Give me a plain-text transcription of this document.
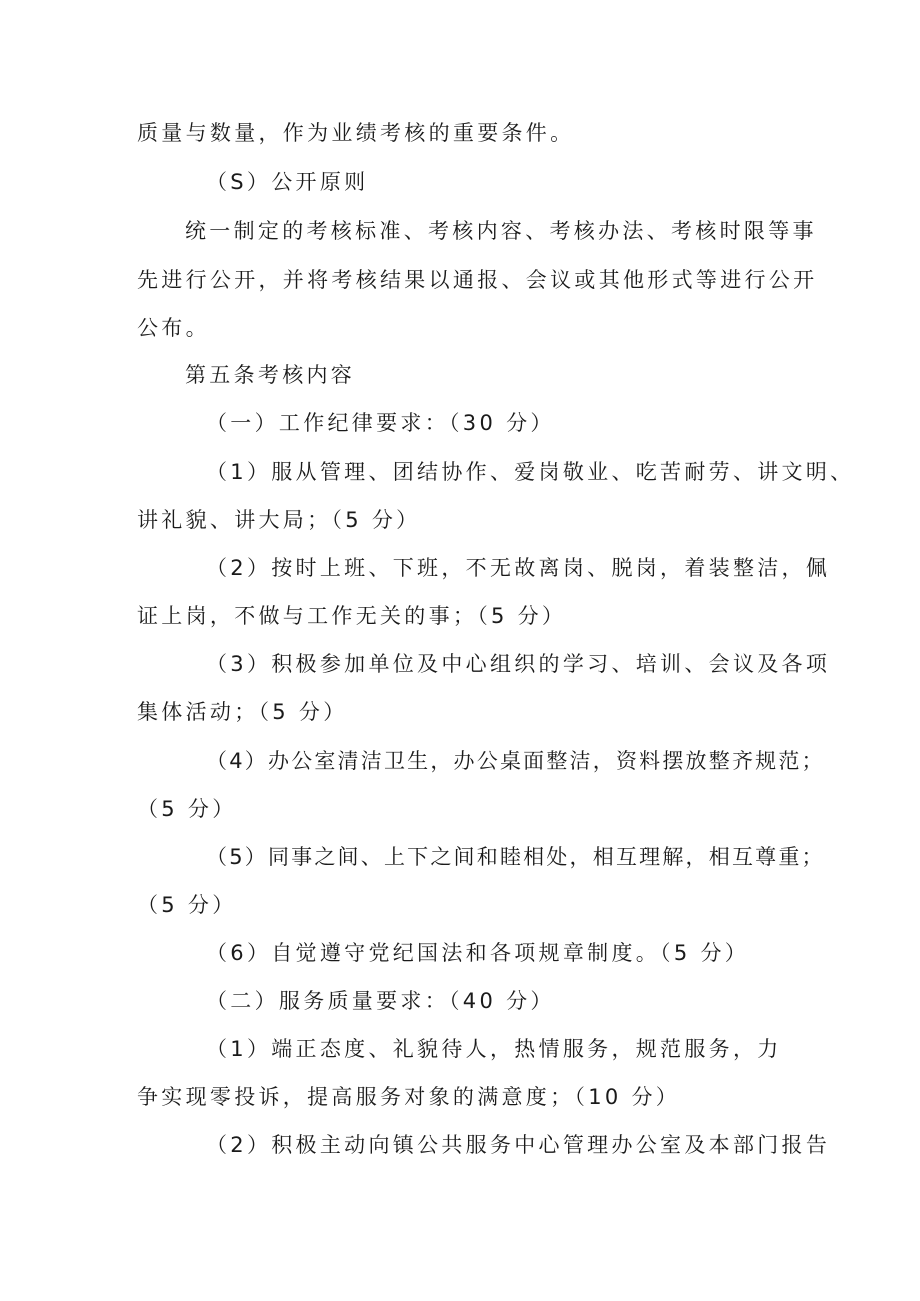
质量与数量，作为业绩考核的重要条件。
（S）公开原则
统一制定的考核标准、考核内容、考核办法、考核时限等事
先进行公开，并将考核结果以通报、会议或其他形式等进行公开
公布。
第五条考核内容
（一）工作纪律要求：（30 分）
（1）服从管理、团结协作、爱岗敬业、吃苦耐劳、讲文明、
讲礼貌、讲大局；（5 分）
（2）按时上班、下班，不无故离岗、脱岗，着装整洁，佩
证上岗，不做与工作无关的事；（5 分）
（3）积极参加单位及中心组织的学习、培训、会议及各项
集体活动；（5 分）
（4）办公室清洁卫生，办公桌面整洁，资料摆放整齐规范；
（5 分）
（5）同事之间、上下之间和睦相处，相互理解，相互尊重；
（5 分）
（6）自觉遵守党纪国法和各项规章制度。（5 分）
（二）服务质量要求：（40 分）
（1）端正态度、礼貌待人，热情服务，规范服务，力
争实现零投诉，提高服务对象的满意度；（10 分）
（2）积极主动向镇公共服务中心管理办公室及本部门报告
